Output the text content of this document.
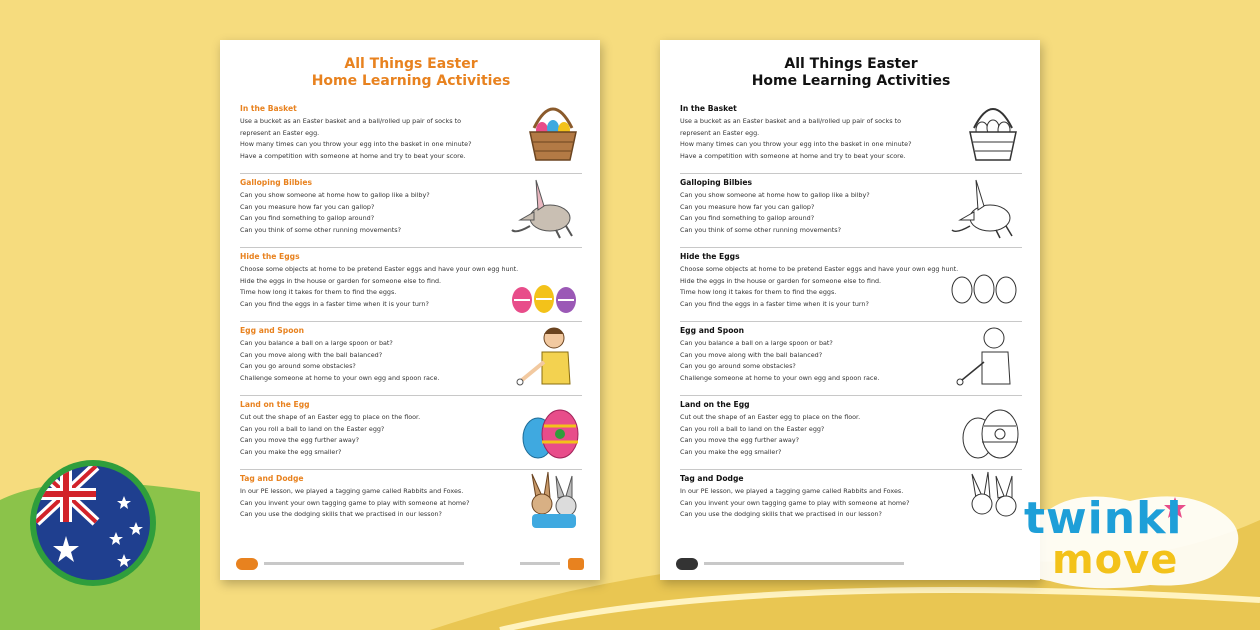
All Things Easter
Home Learning Activities
In the Basket
Use a bucket as an Easter basket and a ball/rolled up pair of socks to
represent an Easter egg.
How many times can you throw your egg into the basket in one minute?
Have a competition with someone at home and try to beat your score.
Galloping Bilbies
Can you show someone at home how to gallop like a bilby?
Can you measure how far you can gallop?
Can you find something to gallop around?
Can you think of some other running movements?
Hide the Eggs
Choose some objects at home to be pretend Easter eggs and have your own egg hunt.
Hide the eggs in the house or garden for someone else to find.
Time how long it takes for them to find the eggs.
Can you find the eggs in a faster time when it is your turn?
Egg and Spoon
Can you balance a ball on a large spoon or bat?
Can you move along with the ball balanced?
Can you go around some obstacles?
Challenge someone at home to your own egg and spoon race.
Land on the Egg
Cut out the shape of an Easter egg to place on the floor.
Can you roll a ball to land on the Easter egg?
Can you move the egg further away?
Can you make the egg smaller?
Tag and Dodge
In our PE lesson, we played a tagging game called Rabbits and Foxes.
Can you invent your own tagging game to play with someone at home?
Can you use the dodging skills that we practised in our lesson?
All Things Easter
Home Learning Activities
In the Basket
Use a bucket as an Easter basket and a ball/rolled up pair of socks to
represent an Easter egg.
How many times can you throw your egg into the basket in one minute?
Have a competition with someone at home and try to beat your score.
Galloping Bilbies
Can you show someone at home how to gallop like a bilby?
Can you measure how far you can gallop?
Can you find something to gallop around?
Can you think of some other running movements?
Hide the Eggs
Choose some objects at home to be pretend Easter eggs and have your own egg hunt.
Hide the eggs in the house or garden for someone else to find.
Time how long it takes for them to find the eggs.
Can you find the eggs in a faster time when it is your turn?
Egg and Spoon
Can you balance a ball on a large spoon or bat?
Can you move along with the ball balanced?
Can you go around some obstacles?
Challenge someone at home to your own egg and spoon race.
Land on the Egg
Cut out the shape of an Easter egg to place on the floor.
Can you roll a ball to land on the Easter egg?
Can you move the egg further away?
Can you make the egg smaller?
Tag and Dodge
In our PE lesson, we played a tagging game called Rabbits and Foxes.
Can you invent your own tagging game to play with someone at home?
Can you use the dodging skills that we practised in our lesson?	twinkl
move
